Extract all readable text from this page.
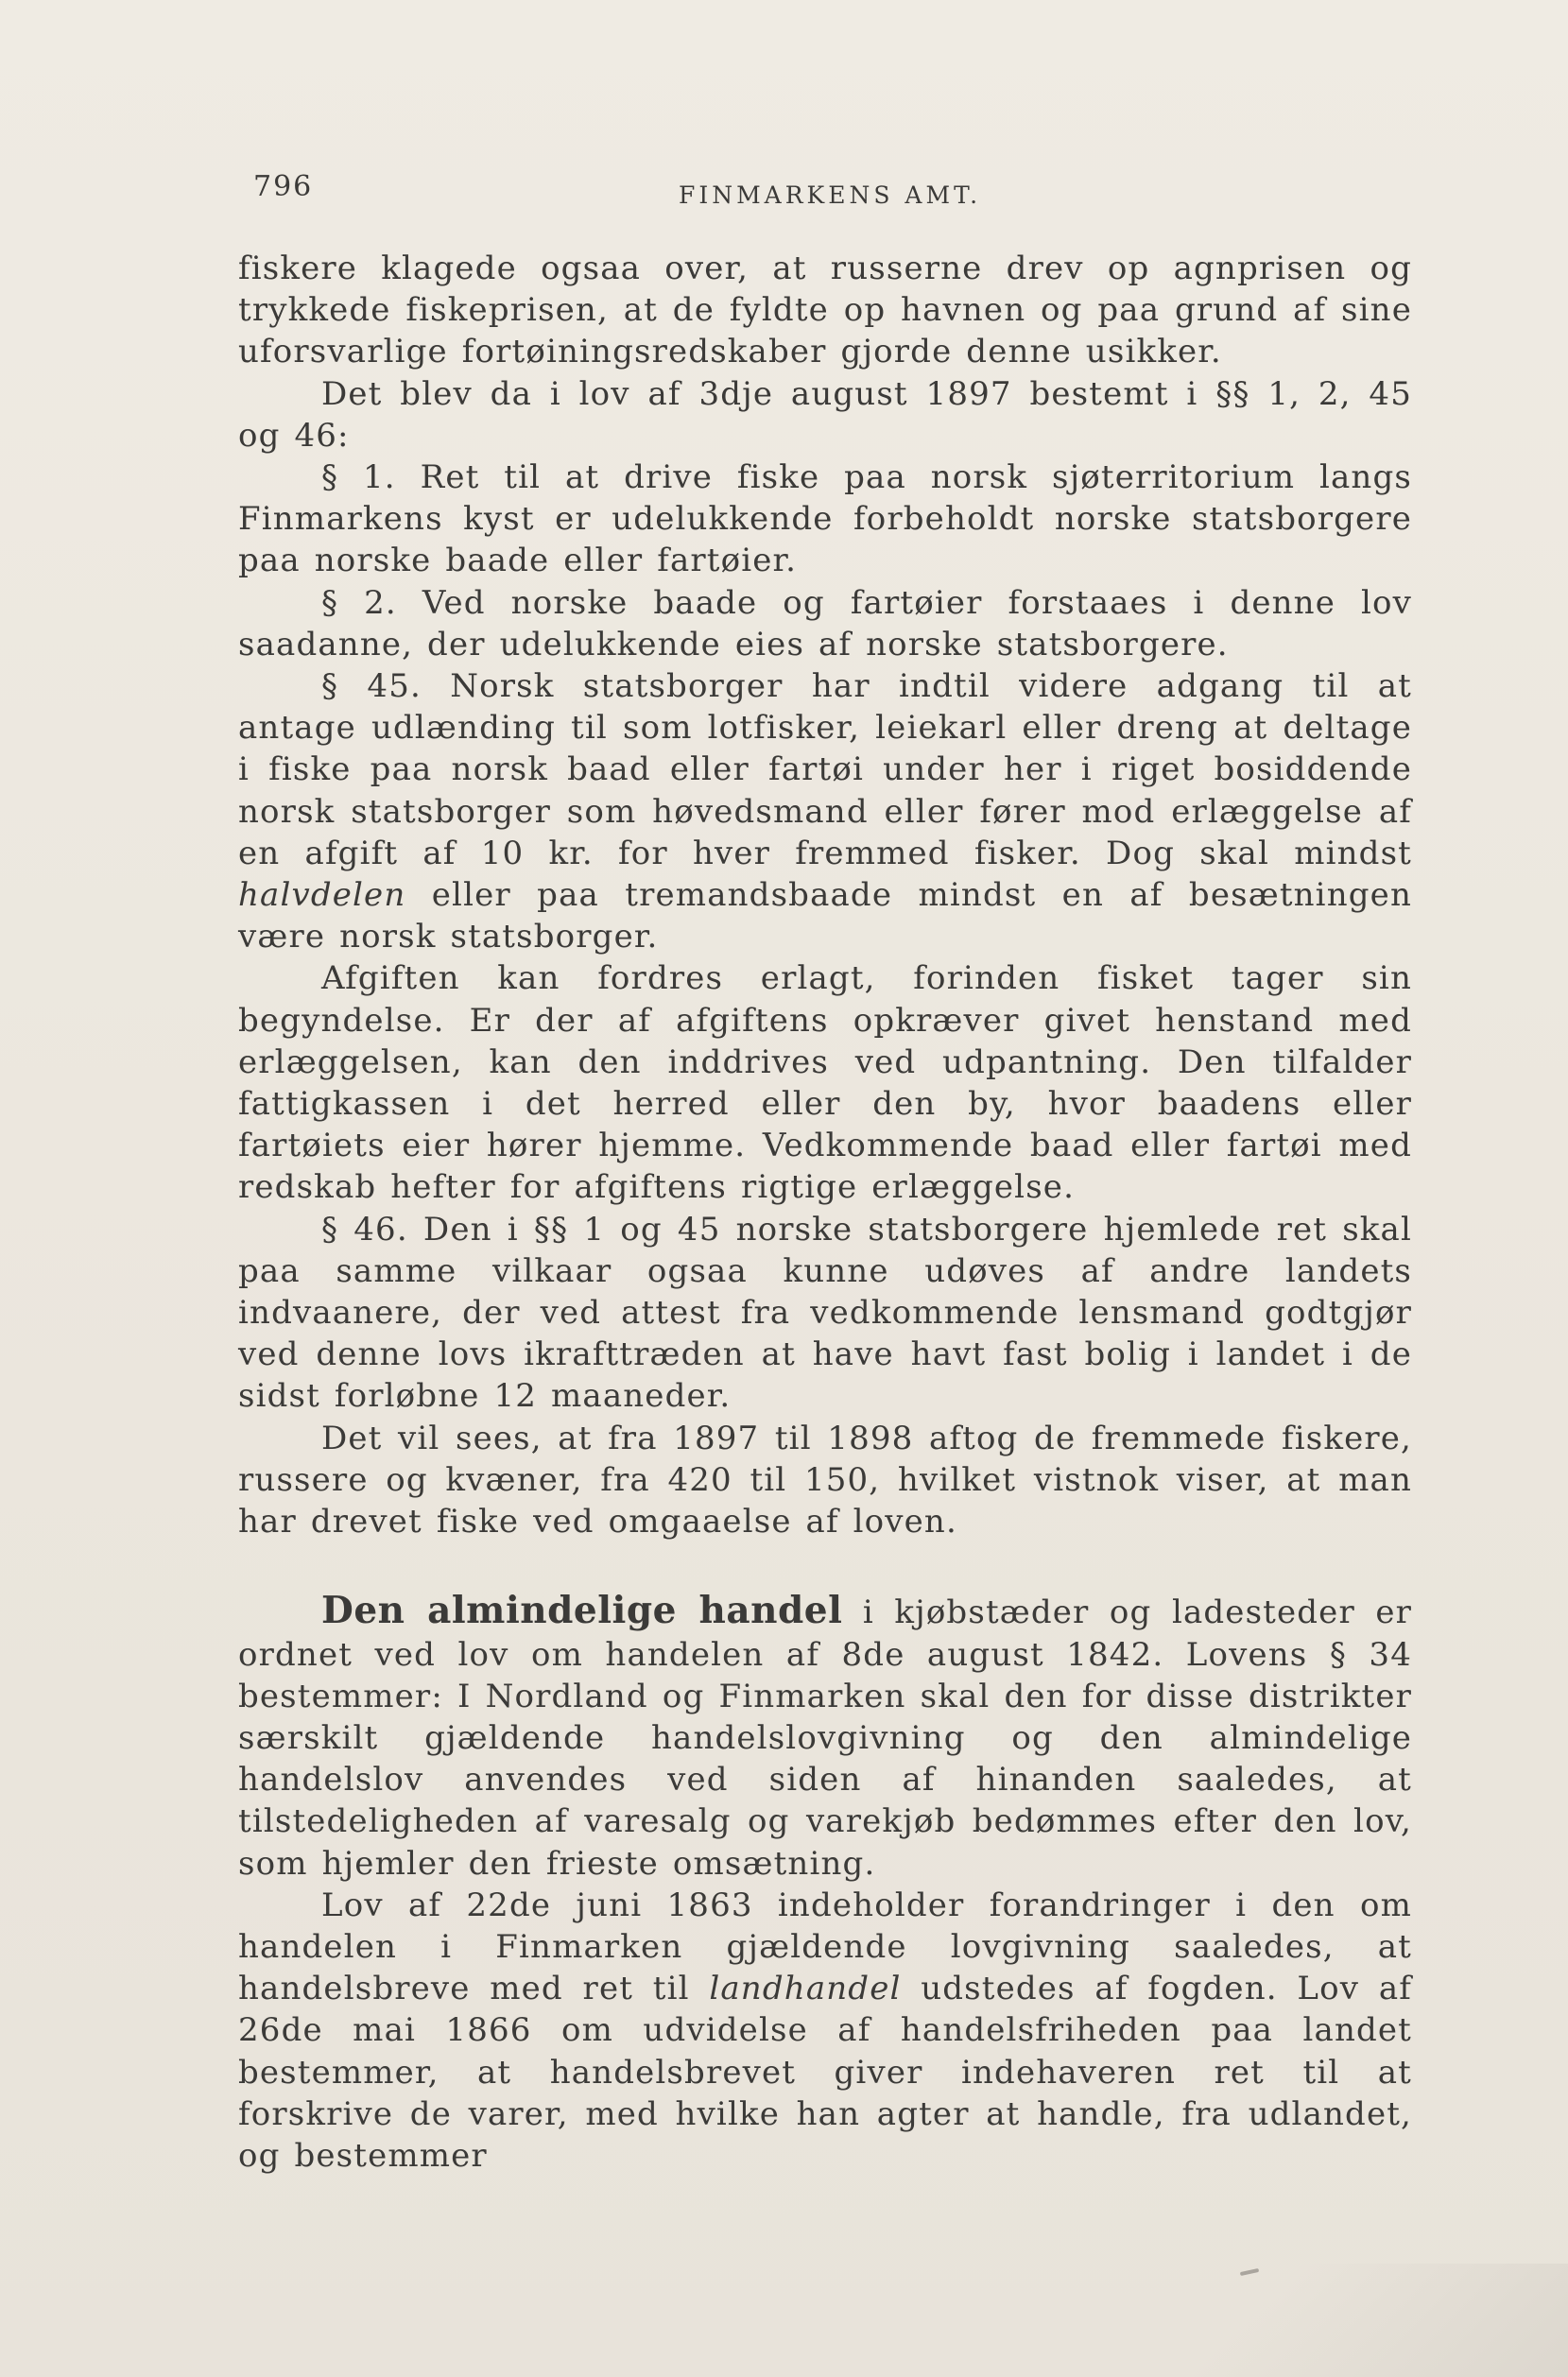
796	FINMARKENS AMT.

fiskere klagede ogsaa over, at russerne drev op agnprisen og trykkede fiskeprisen, at de fyldte op havnen og paa grund af sine uforsvarlige fortøiningsredskaber gjorde denne usikker.

Det blev da i lov af 3dje august 1897 bestemt i §§ 1, 2, 45 og 46:

§ 1. Ret til at drive fiske paa norsk sjøterritorium langs Finmarkens kyst er udelukkende forbeholdt norske statsborgere paa norske baade eller fartøier.

§ 2. Ved norske baade og fartøier forstaaes i denne lov saadanne, der udelukkende eies af norske statsborgere.

§ 45. Norsk statsborger har indtil videre adgang til at antage udlænding til som lotfisker, leiekarl eller dreng at deltage i fiske paa norsk baad eller fartøi under her i riget bosiddende norsk statsborger som høvedsmand eller fører mod erlæggelse af en afgift af 10 kr. for hver fremmed fisker. Dog skal mindst halvdelen eller paa tremandsbaade mindst en af besætningen være norsk statsborger.

Afgiften kan fordres erlagt, forinden fisket tager sin begyndelse. Er der af afgiftens opkræver givet henstand med erlæggelsen, kan den inddrives ved udpantning. Den tilfalder fattigkassen i det herred eller den by, hvor baadens eller fartøiets eier hører hjemme. Vedkommende baad eller fartøi med redskab hefter for afgiftens rigtige erlæggelse.

§ 46. Den i §§ 1 og 45 norske statsborgere hjemlede ret skal paa samme vilkaar ogsaa kunne udøves af andre landets indvaanere, der ved attest fra vedkommende lensmand godtgjør ved denne lovs ikrafttræden at have havt fast bolig i landet i de sidst forløbne 12 maaneder.

Det vil sees, at fra 1897 til 1898 aftog de fremmede fiskere, russere og kvæner, fra 420 til 150, hvilket vistnok viser, at man har drevet fiske ved omgaaelse af loven.

Den almindelige handel i kjøbstæder og ladesteder er ordnet ved lov om handelen af 8de august 1842. Lovens § 34 bestemmer: I Nordland og Finmarken skal den for disse distrikter særskilt gjældende handelslovgivning og den almindelige handelslov anvendes ved siden af hinanden saaledes, at tilstedeligheden af varesalg og varekjøb bedømmes efter den lov, som hjemler den frieste omsætning.

Lov af 22de juni 1863 indeholder forandringer i den om handelen i Finmarken gjældende lovgivning saaledes, at handelsbreve med ret til landhandel udstedes af fogden. Lov af 26de mai 1866 om udvidelse af handelsfriheden paa landet bestemmer, at handelsbrevet giver indehaveren ret til at forskrive de varer, med hvilke han agter at handle, fra udlandet, og bestemmer
